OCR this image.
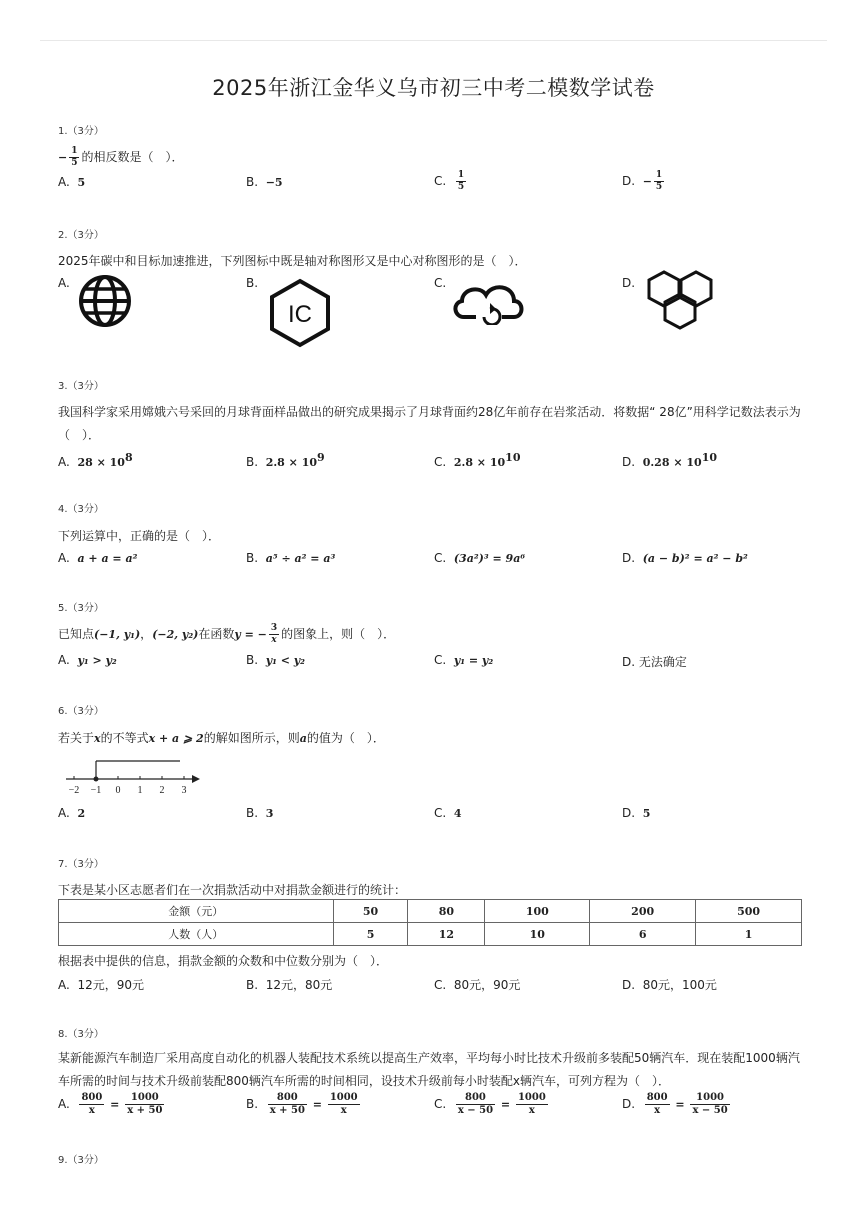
2025年浙江金华义乌市初三中考二模数学试卷
1.（3分）
− $\frac{1}{5}$ 的相反数是（　）．
A. 5	B. −5	C. $\frac{1}{5}$	D. − $\frac{1}{5}$
2.（3分）
2025年碳中和目标加速推进，下列图标中既是轴对称图形又是中心对称图形的是（　）．
A.	B.	C.	D.
IC
3.（3分）
我国科学家采用嫦娥六号采回的月球背面样品做出的研究成果揭示了月球背面约28亿年前存在岩浆活动．将数据“ 28亿”用科学记数法表示为（　）．
A. $28 \times 10^8$	B. $2.8 \times 10^9$	C. $2.8 \times 10^{10}$	D. $0.28 \times 10^{10}$
4.（3分）
下列运算中，正确的是（　）．
A. a + a = a²	B. a⁵ ÷ a² = a³	C. (3a²)³ = 9a⁶	D. (a − b)² = a² − b²
5.（3分）
已知点(−1, y₁)，(−2, y₂)在函数y = − $\frac{3}{x}$ 的图象上，则（　）．
A. y₁ > y₂	B. y₁ < y₂	C. y₁ = y₂	D. 无法确定
6.（3分）
若关于x的不等式x + a ⩾ 2的解如图所示，则a的值为（　）．
−2 −1 0 1 2 3
A. 2	B. 3	C. 4	D. 5
7.（3分）
下表是某小区志愿者们在一次捐款活动中对捐款金额进行的统计：
金额（元）	50	80	100	200	500
人数（人）	5	12	10	6	1
根据表中提供的信息，捐款金额的众数和中位数分别为（　）．
A. 12元，90元	B. 12元，80元	C. 80元，90元	D. 80元，100元
8.（3分）
某新能源汽车制造厂采用高度自动化的机器人装配技术系统以提高生产效率，平均每小时比技术升级前多装配50辆汽车．现在装配1000辆汽车所需的时间与技术升级前装配800辆汽车所需的时间相同，设技术升级前每小时装配x辆汽车，可列方程为（　）．
A. $\frac{800}{x} = \frac{1000}{x + 50}$	B. $\frac{800}{x + 50} = \frac{1000}{x}$	C. $\frac{800}{x - 50} = \frac{1000}{x}$	D. $\frac{800}{x} = \frac{1000}{x - 50}$
9.（3分）
